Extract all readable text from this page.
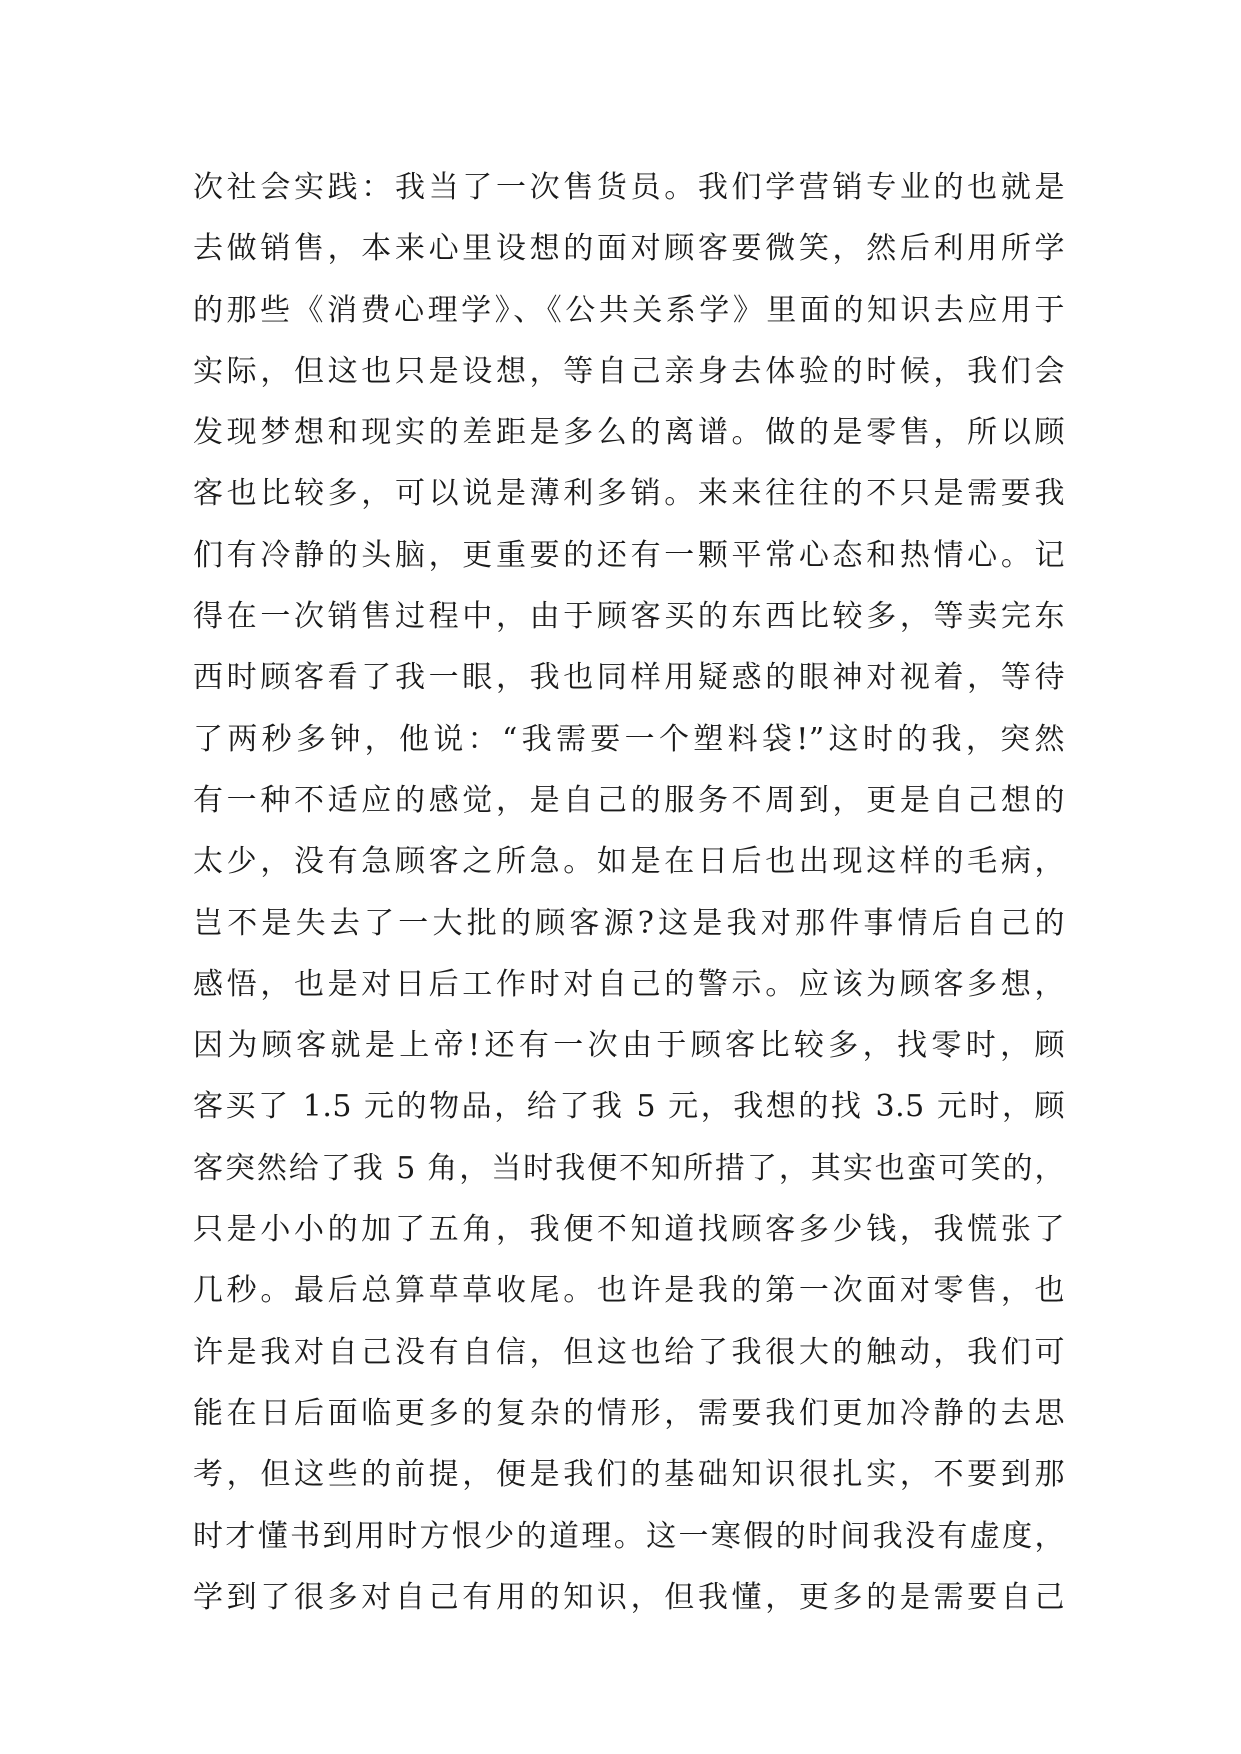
次社会实践：我当了一次售货员。我们学营销专业的也就是
去做销售，本来心里设想的面对顾客要微笑，然后利用所学
的那些《消费心理学》、《公共关系学》里面的知识去应用于
实际，但这也只是设想，等自己亲身去体验的时候，我们会
发现梦想和现实的差距是多么的离谱。做的是零售，所以顾
客也比较多，可以说是薄利多销。来来往往的不只是需要我
们有冷静的头脑，更重要的还有一颗平常心态和热情心。记
得在一次销售过程中，由于顾客买的东西比较多，等卖完东
西时顾客看了我一眼，我也同样用疑惑的眼神对视着，等待
了两秒多钟，他说：“我需要一个塑料袋!”这时的我，突然
有一种不适应的感觉，是自己的服务不周到，更是自己想的
太少，没有急顾客之所急。如是在日后也出现这样的毛病，
岂不是失去了一大批的顾客源?这是我对那件事情后自己的
感悟，也是对日后工作时对自己的警示。应该为顾客多想，
因为顾客就是上帝!还有一次由于顾客比较多，找零时，顾
客买了 1.5 元的物品，给了我 5 元，我想的找 3.5 元时，顾
客突然给了我 5 角，当时我便不知所措了，其实也蛮可笑的，
只是小小的加了五角，我便不知道找顾客多少钱，我慌张了
几秒。最后总算草草收尾。也许是我的第一次面对零售，也
许是我对自己没有自信，但这也给了我很大的触动，我们可
能在日后面临更多的复杂的情形，需要我们更加冷静的去思
考，但这些的前提，便是我们的基础知识很扎实，不要到那
时才懂书到用时方恨少的道理。这一寒假的时间我没有虚度，
学到了很多对自己有用的知识，但我懂，更多的是需要自己
